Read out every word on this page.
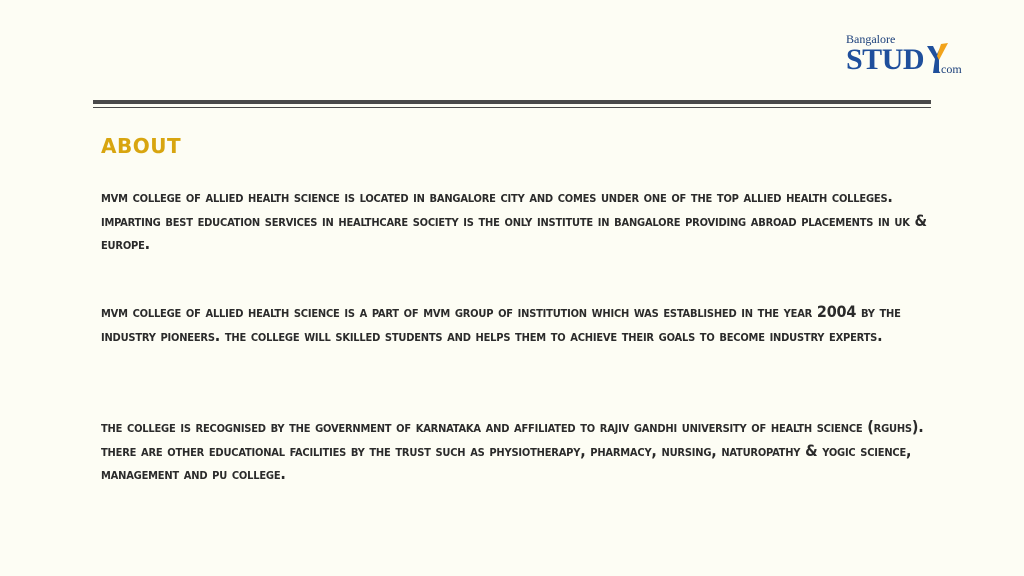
Bangalore
STUD .com
ABOUT

mvm college of allied health science is located in bangalore city and comes under one of the top allied health colleges. imparting best education services in healthcare society is the only institute in bangalore providing abroad placements in uk & europe.

mvm college of allied health science is a part of mvm group of institution which was established in the year 2004 by the industry pioneers. the college will skilled students and helps them to achieve their goals to become industry experts.

the college is recognised by the government of karnataka and affiliated to rajiv gandhi university of health science (rguhs). there are other educational facilities by the trust such as physiotherapy, pharmacy, nursing, naturopathy & yogic science, management and pu college.
